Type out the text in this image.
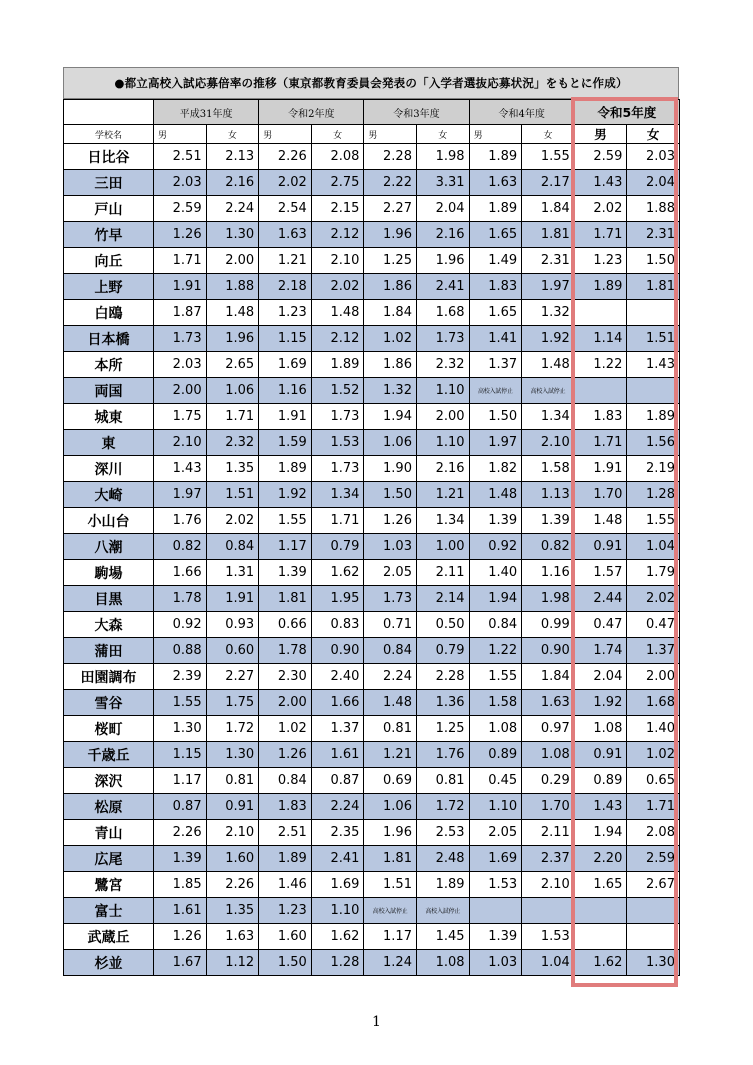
●都立高校入試応募倍率の推移（東京都教育委員会発表の「入学者選抜応募状況」をもとに作成）
	平成31年度		令和2年度		令和3年度		令和4年度		令和5年度	
学校名	男	女	男	女	男	女	男	女	男	女
日比谷	2.51	2.13	2.26	2.08	2.28	1.98	1.89	1.55	2.59	2.03
三田	2.03	2.16	2.02	2.75	2.22	3.31	1.63	2.17	1.43	2.04
戸山	2.59	2.24	2.54	2.15	2.27	2.04	1.89	1.84	2.02	1.88
竹早	1.26	1.30	1.63	2.12	1.96	2.16	1.65	1.81	1.71	2.31
向丘	1.71	2.00	1.21	2.10	1.25	1.96	1.49	2.31	1.23	1.50
上野	1.91	1.88	2.18	2.02	1.86	2.41	1.83	1.97	1.89	1.81
白鴎	1.87	1.48	1.23	1.48	1.84	1.68	1.65	1.32		
日本橋	1.73	1.96	1.15	2.12	1.02	1.73	1.41	1.92	1.14	1.51
本所	2.03	2.65	1.69	1.89	1.86	2.32	1.37	1.48	1.22	1.43
両国	2.00	1.06	1.16	1.52	1.32	1.10	高校入試停止	高校入試停止		
城東	1.75	1.71	1.91	1.73	1.94	2.00	1.50	1.34	1.83	1.89
東	2.10	2.32	1.59	1.53	1.06	1.10	1.97	2.10	1.71	1.56
深川	1.43	1.35	1.89	1.73	1.90	2.16	1.82	1.58	1.91	2.19
大崎	1.97	1.51	1.92	1.34	1.50	1.21	1.48	1.13	1.70	1.28
小山台	1.76	2.02	1.55	1.71	1.26	1.34	1.39	1.39	1.48	1.55
八潮	0.82	0.84	1.17	0.79	1.03	1.00	0.92	0.82	0.91	1.04
駒場	1.66	1.31	1.39	1.62	2.05	2.11	1.40	1.16	1.57	1.79
目黒	1.78	1.91	1.81	1.95	1.73	2.14	1.94	1.98	2.44	2.02
大森	0.92	0.93	0.66	0.83	0.71	0.50	0.84	0.99	0.47	0.47
蒲田	0.88	0.60	1.78	0.90	0.84	0.79	1.22	0.90	1.74	1.37
田園調布	2.39	2.27	2.30	2.40	2.24	2.28	1.55	1.84	2.04	2.00
雪谷	1.55	1.75	2.00	1.66	1.48	1.36	1.58	1.63	1.92	1.68
桜町	1.30	1.72	1.02	1.37	0.81	1.25	1.08	0.97	1.08	1.40
千歳丘	1.15	1.30	1.26	1.61	1.21	1.76	0.89	1.08	0.91	1.02
深沢	1.17	0.81	0.84	0.87	0.69	0.81	0.45	0.29	0.89	0.65
松原	0.87	0.91	1.83	2.24	1.06	1.72	1.10	1.70	1.43	1.71
青山	2.26	2.10	2.51	2.35	1.96	2.53	2.05	2.11	1.94	2.08
広尾	1.39	1.60	1.89	2.41	1.81	2.48	1.69	2.37	2.20	2.59
鷺宮	1.85	2.26	1.46	1.69	1.51	1.89	1.53	2.10	1.65	2.67
富士	1.61	1.35	1.23	1.10	高校入試停止	高校入試停止				
武蔵丘	1.26	1.63	1.60	1.62	1.17	1.45	1.39	1.53		
杉並	1.67	1.12	1.50	1.28	1.24	1.08	1.03	1.04	1.62	1.30
1
